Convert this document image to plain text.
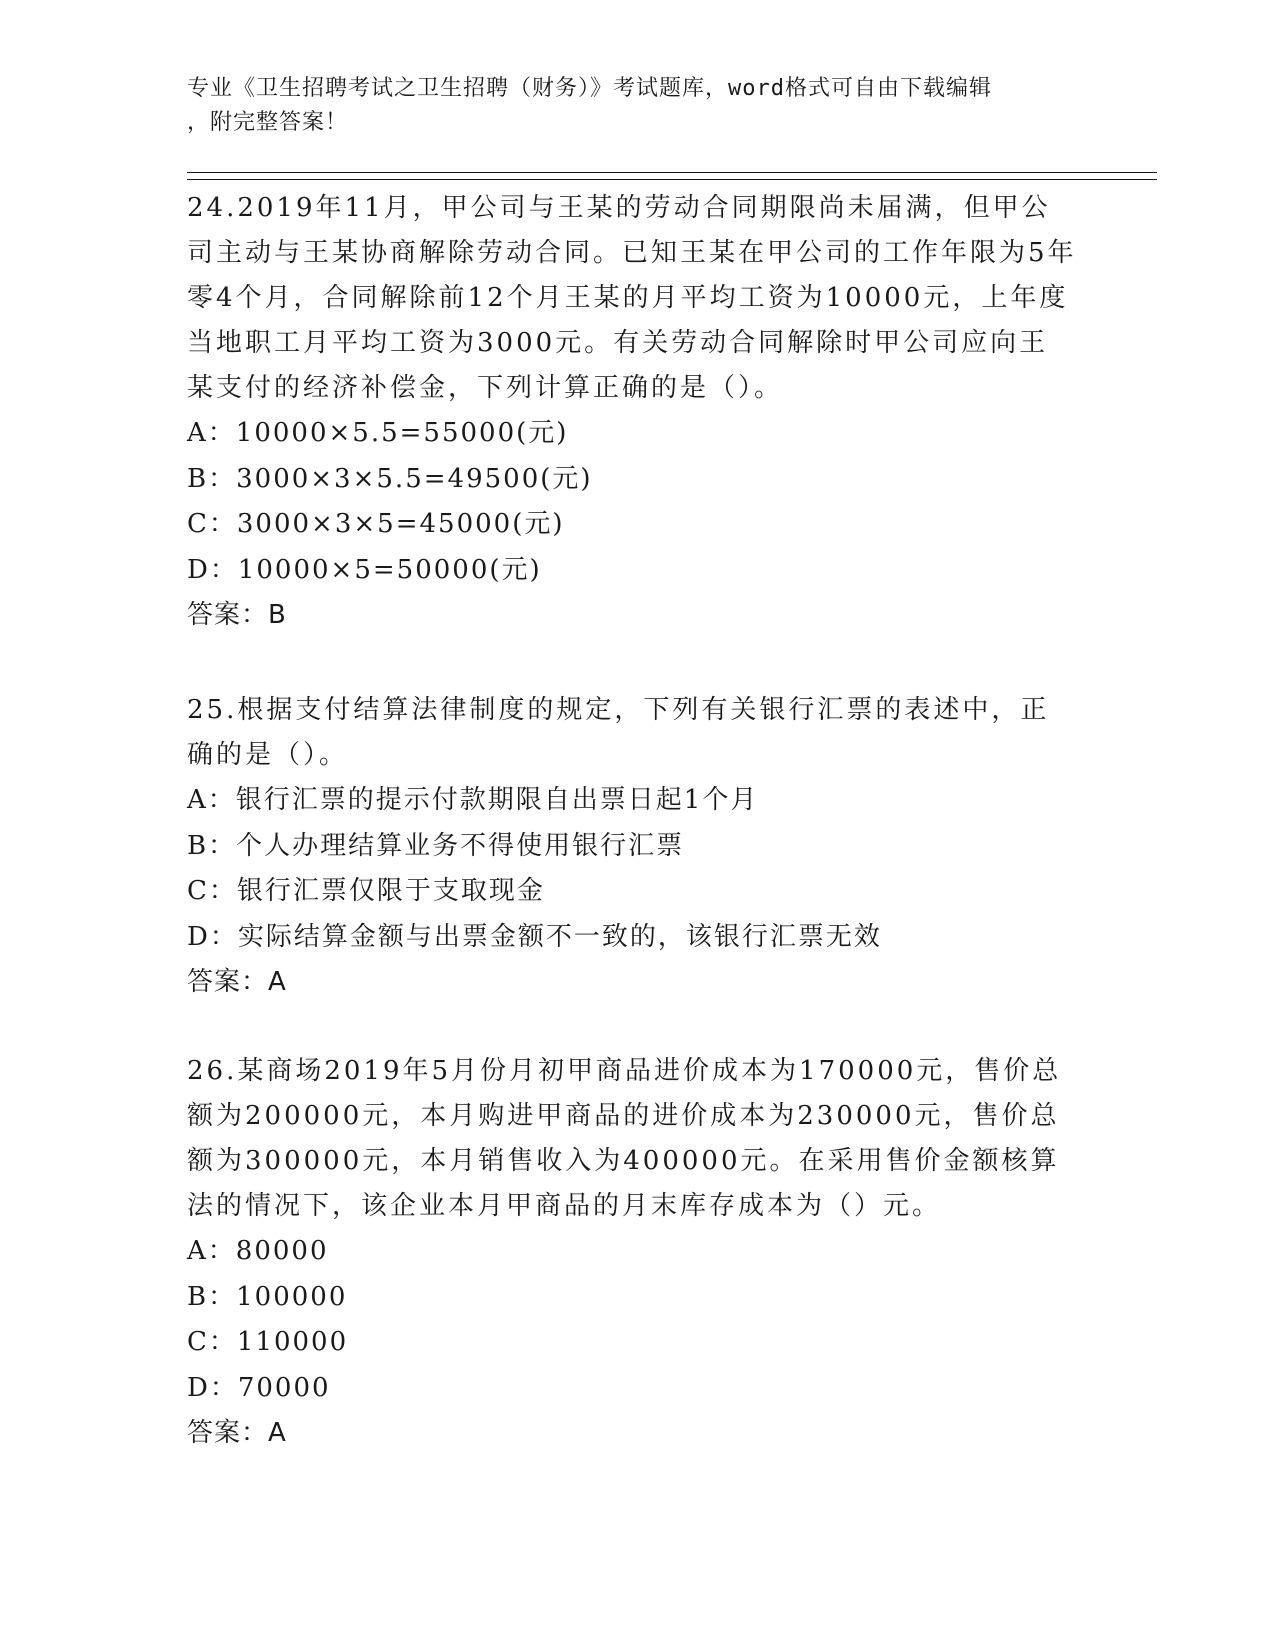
专业《卫生招聘考试之卫生招聘（财务）》考试题库，word格式可自由下载编辑
，附完整答案！

24.2019年11月，甲公司与王某的劳动合同期限尚未届满，但甲公司主动与王某协商解除劳动合同。已知王某在甲公司的工作年限为5年零4个月，合同解除前12个月王某的月平均工资为10000元，上年度当地职工月平均工资为3000元。有关劳动合同解除时甲公司应向王某支付的经济补偿金，下列计算正确的是（）。

A：10000×5.5=55000(元)

B：3000×3×5.5=49500(元)

C：3000×3×5=45000(元)

D：10000×5=50000(元)

答案：B

25.根据支付结算法律制度的规定，下列有关银行汇票的表述中，正确的是（）。

A：银行汇票的提示付款期限自出票日起1个月

B：个人办理结算业务不得使用银行汇票

C：银行汇票仅限于支取现金

D：实际结算金额与出票金额不一致的，该银行汇票无效

答案：A

26.某商场2019年5月份月初甲商品进价成本为170000元，售价总额为200000元，本月购进甲商品的进价成本为230000元，售价总额为300000元，本月销售收入为400000元。在采用售价金额核算法的情况下，该企业本月甲商品的月末库存成本为（）元。

A：80000

B：100000

C：110000

D：70000

答案：A
